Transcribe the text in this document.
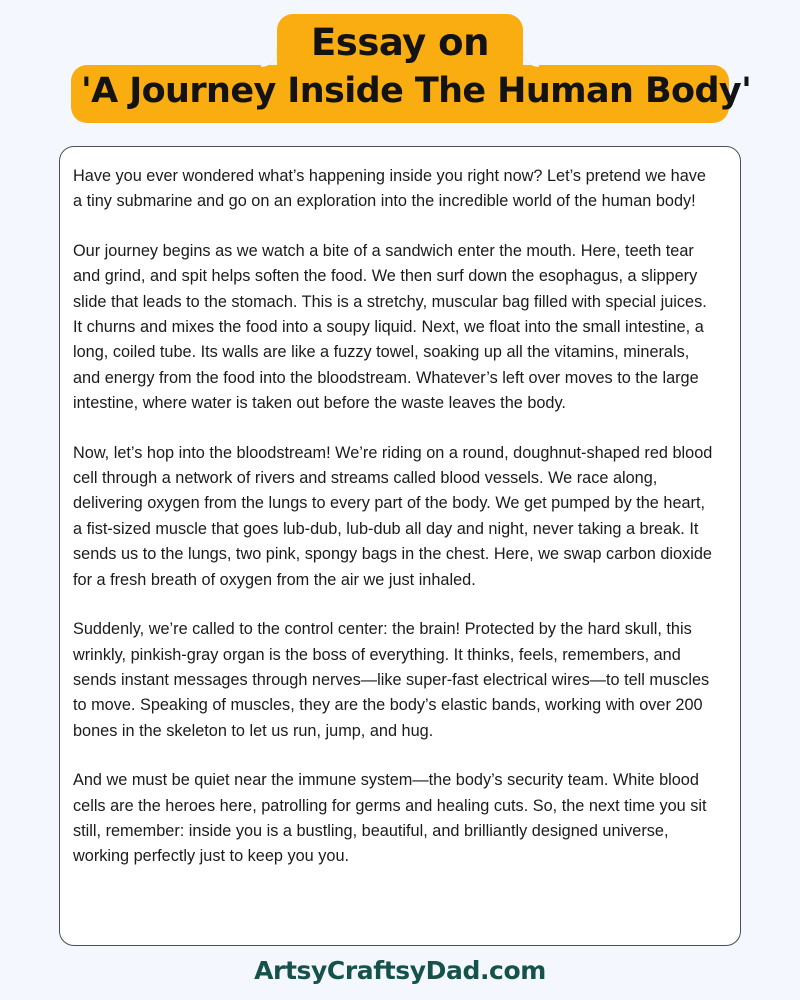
Essay on
'A Journey Inside The Human Body'

Have you ever wondered what’s happening inside you right now? Let’s pretend we have a tiny submarine and go on an exploration into the incredible world of the human body!

Our journey begins as we watch a bite of a sandwich enter the mouth. Here, teeth tear and grind, and spit helps soften the food. We then surf down the esophagus, a slippery slide that leads to the stomach. This is a stretchy, muscular bag filled with special juices. It churns and mixes the food into a soupy liquid. Next, we float into the small intestine, a long, coiled tube. Its walls are like a fuzzy towel, soaking up all the vitamins, minerals, and energy from the food into the bloodstream. Whatever’s left over moves to the large intestine, where water is taken out before the waste leaves the body.

Now, let’s hop into the bloodstream! We’re riding on a round, doughnut-shaped red blood cell through a network of rivers and streams called blood vessels. We race along, delivering oxygen from the lungs to every part of the body. We get pumped by the heart, a fist-sized muscle that goes lub-dub, lub-dub all day and night, never taking a break. It sends us to the lungs, two pink, spongy bags in the chest. Here, we swap carbon dioxide for a fresh breath of oxygen from the air we just inhaled.

Suddenly, we’re called to the control center: the brain! Protected by the hard skull, this wrinkly, pinkish-gray organ is the boss of everything. It thinks, feels, remembers, and sends instant messages through nerves—like super-fast electrical wires—to tell muscles to move. Speaking of muscles, they are the body’s elastic bands, working with over 200 bones in the skeleton to let us run, jump, and hug.

And we must be quiet near the immune system—the body’s security team. White blood cells are the heroes here, patrolling for germs and healing cuts. So, the next time you sit still, remember: inside you is a bustling, beautiful, and brilliantly designed universe, working perfectly just to keep you you.

ArtsyCraftsyDad.com
